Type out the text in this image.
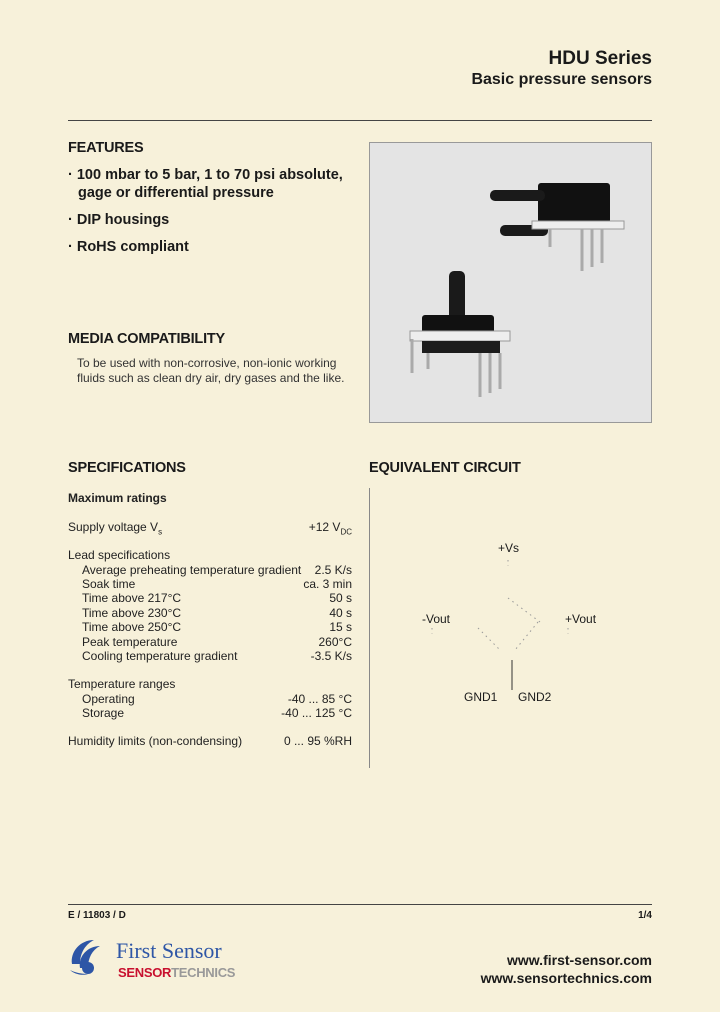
HDU Series
Basic pressure sensors
FEATURES
· 100 mbar to 5 bar, 1 to 70 psi absolute, gage or differential pressure
· DIP housings
· RoHS compliant
MEDIA COMPATIBILITY
To be used with non-corrosive, non-ionic working fluids such as clean dry air, dry gases and the like.
SPECIFICATIONS
Maximum ratings
Supply voltage $V_s$	+12 $V_{DC}$
Lead specifications
Average preheating temperature gradient 2.5 K/s
Soak time	ca. 3 min
Time above 217°C	50 s
Time above 230°C	40 s
Time above 250°C	15 s
Peak temperature	260°C
Cooling temperature gradient	-3.5 K/s
Temperature ranges
Operating	-40 ... 85 °C
Storage	-40 ... 125 °C
Humidity limits (non-condensing)	0 ... 95 %RH
EQUIVALENT CIRCUIT
+Vs
-Vout	+Vout
GND1 GND2
E / 11803 / D	1/4
First Sensor
SENSORTECHNICS
www.first-sensor.com
www.sensortechnics.com
